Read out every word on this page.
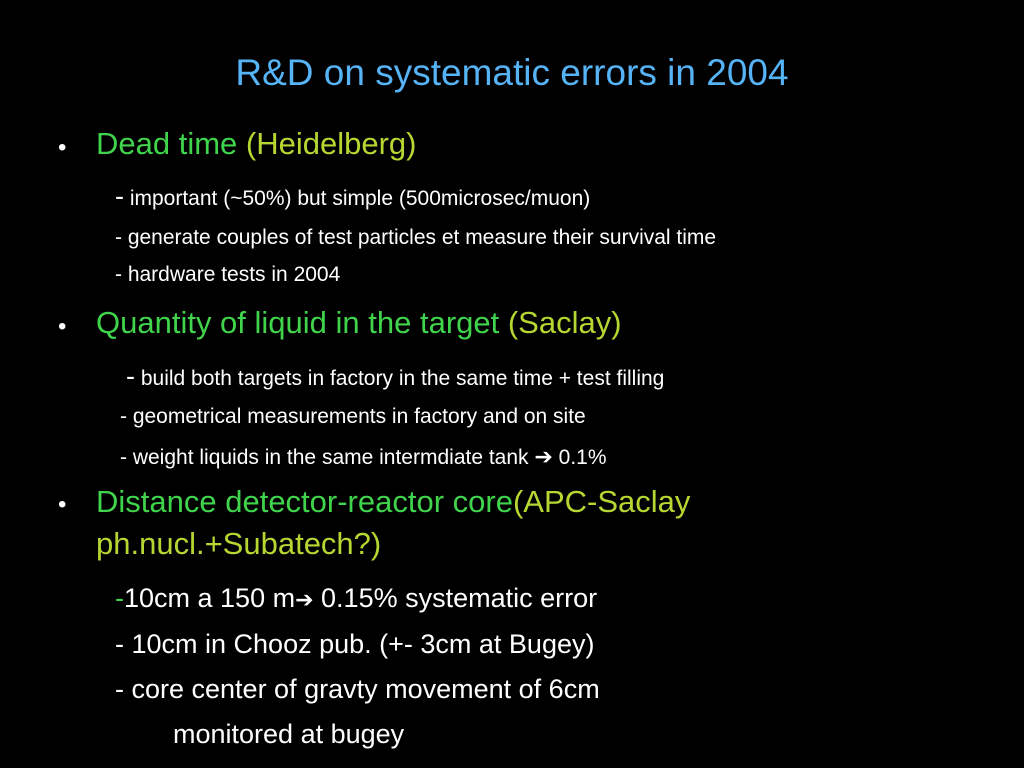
R&D on systematic errors in 2004
• Dead time (Heidelberg)
- important (~50%) but simple (500microsec/muon)
- generate couples of test particles et measure their survival time
- hardware tests in 2004
• Quantity of liquid in the target (Saclay)
- build both targets in factory in the same time + test filling
- geometrical measurements in factory and on site
- weight liquids in the same intermdiate tank ➔ 0.1%
• Distance detector-reactor core(APC-Saclay
ph.nucl.+Subatech?)
-10cm a 150 m➔ 0.15% systematic error
- 10cm in Chooz pub. (+- 3cm at Bugey)
- core center of gravty movement of 6cm
monitored at bugey
